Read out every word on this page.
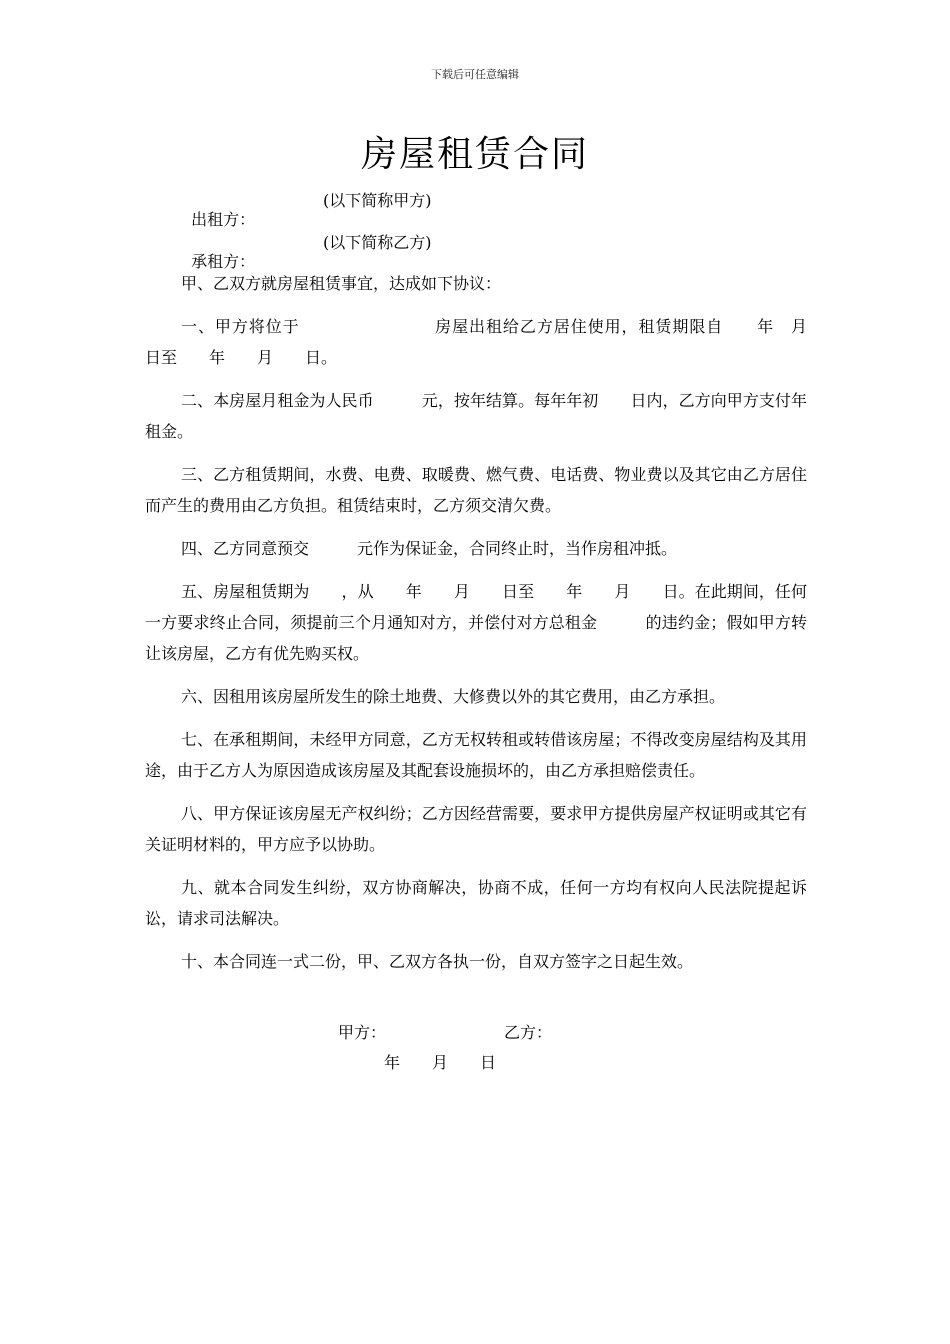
下载后可任意编辑
房屋租赁合同

出租方：

(以下简称甲方)

承租方：

(以下简称乙方)

甲、乙双方就房屋租赁事宜，达成如下协议：

一、甲方将位于　　　　　　　　房屋出租给乙方居住使用，租赁期限自　　年　月　　日至　　年　　月　　日。

二、本房屋月租金为人民币　　　元，按年结算。每年年初　　日内，乙方向甲方支付年租金。

三、乙方租赁期间，水费、电费、取暖费、燃气费、电话费、物业费以及其它由乙方居住而产生的费用由乙方负担。租赁结束时，乙方须交清欠费。

四、乙方同意预交　　　元作为保证金，合同终止时，当作房租冲抵。

五、房屋租赁期为　　，从　　年　　月　　日至　　年　　月　　日。在此期间，任何一方要求终止合同，须提前三个月通知对方，并偿付对方总租金　　　的违约金；假如甲方转让该房屋，乙方有优先购买权。

六、因租用该房屋所发生的除土地费、大修费以外的其它费用，由乙方承担。

七、在承租期间，未经甲方同意，乙方无权转租或转借该房屋；不得改变房屋结构及其用途，由于乙方人为原因造成该房屋及其配套设施损坏的，由乙方承担赔偿责任。

八、甲方保证该房屋无产权纠纷；乙方因经营需要，要求甲方提供房屋产权证明或其它有关证明材料的，甲方应予以协助。

九、就本合同发生纠纷，双方协商解决，协商不成，任何一方均有权向人民法院提起诉讼，请求司法解决。

十、本合同连一式二份，甲、乙双方各执一份，自双方签字之日起生效。

甲方：	乙方：
年　　月　　日
